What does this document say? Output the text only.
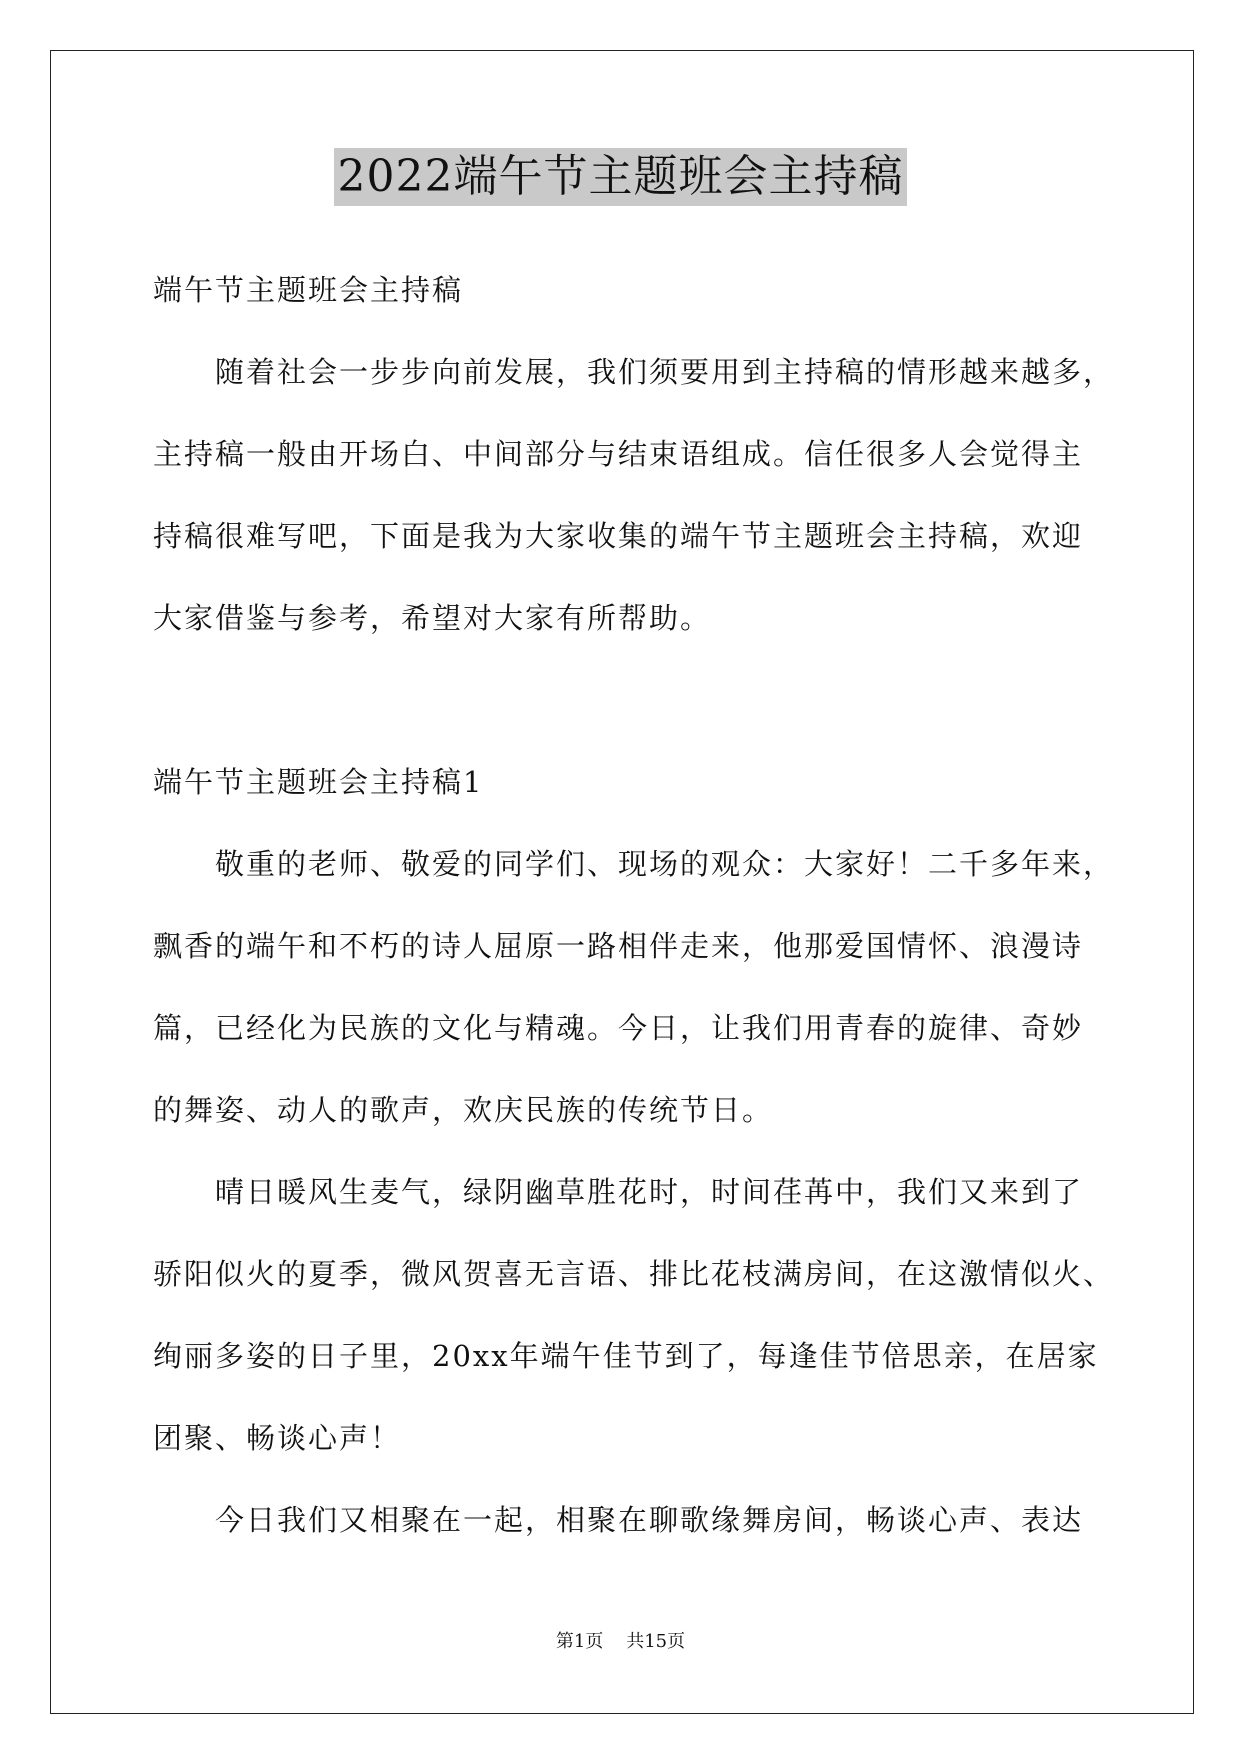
2022端午节主题班会主持稿
端午节主题班会主持稿
随着社会一步步向前发展，我们须要用到主持稿的情形越来越多，
主持稿一般由开场白、中间部分与结束语组成。信任很多人会觉得主
持稿很难写吧，下面是我为大家收集的端午节主题班会主持稿，欢迎
大家借鉴与参考，希望对大家有所帮助。
端午节主题班会主持稿1
敬重的老师、敬爱的同学们、现场的观众：大家好！二千多年来，
飘香的端午和不朽的诗人屈原一路相伴走来，他那爱国情怀、浪漫诗
篇，已经化为民族的文化与精魂。今日，让我们用青春的旋律、奇妙
的舞姿、动人的歌声，欢庆民族的传统节日。
晴日暖风生麦气，绿阴幽草胜花时，时间荏苒中，我们又来到了
骄阳似火的夏季，微风贺喜无言语、排比花枝满房间，在这激情似火、
绚丽多姿的日子里，20xx年端午佳节到了，每逢佳节倍思亲，在居家
团聚、畅谈心声！
今日我们又相聚在一起，相聚在聊歌缘舞房间，畅谈心声、表达
第1页 共15页
